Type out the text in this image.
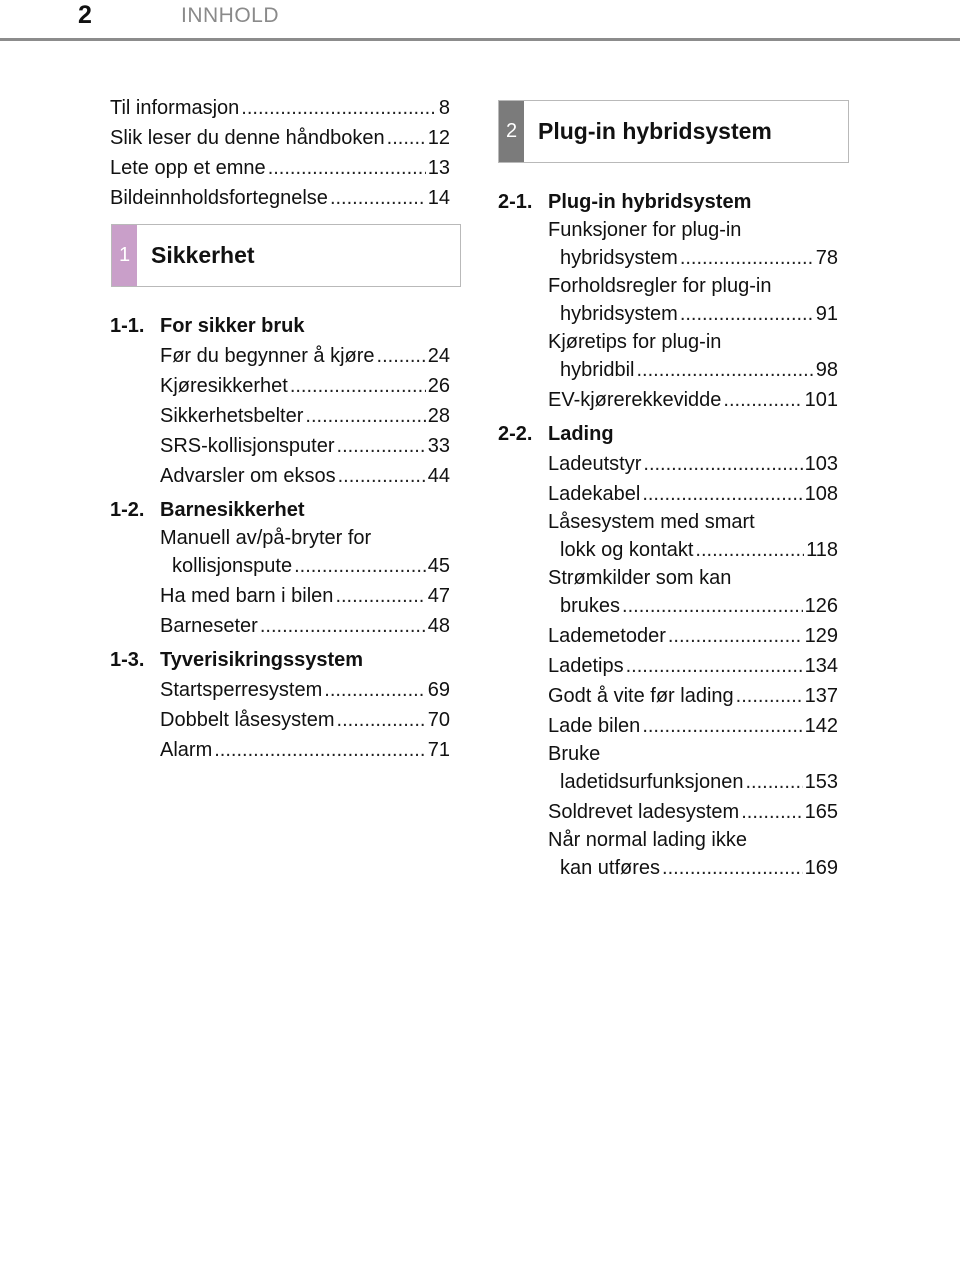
2	INNHOLD
Til informasjon .....	8
Slik leser du denne håndboken ..... 12
Lete opp et emne .....	13
Bildeinnholdsfortegnelse .....	14
1 Sikkerhet
1-1. For sikker bruk
Før du begynner å kjøre .....	24
Kjøresikkerhet .....	26
Sikkerhetsbelter .....	28
SRS-kollisjonsputer .....	33
Advarsler om eksos .....	44
1-2. Barnesikkerhet
Manuell av/på-bryter for
kollisjonspute .....	45
Ha med barn i bilen .....	47
Barneseter .....	48
1-3. Tyverisikringssystem
Startsperresystem .....	69
Dobbelt låsesystem .....	70
Alarm .....	71
2 Plug-in hybridsystem
2-1. Plug-in hybridsystem
Funksjoner for plug-in
hybridsystem .....	78
Forholdsregler for plug-in
hybridsystem .....	91
Kjøretips for plug-in
hybridbil .....	98
EV-kjørerekkevidde .....	101
2-2. Lading
Ladeutstyr .....	103
Ladekabel .....	108
Låsesystem med smart
lokk og kontakt .....	118
Strømkilder som kan
brukes .....	126
Lademetoder .....	129
Ladetips .....	134
Godt å vite før lading .....	137
Lade bilen .....	142
Bruke
ladetidsurfunksjonen .....	153
Soldrevet ladesystem .....	165
Når normal lading ikke
kan utføres .....	169
